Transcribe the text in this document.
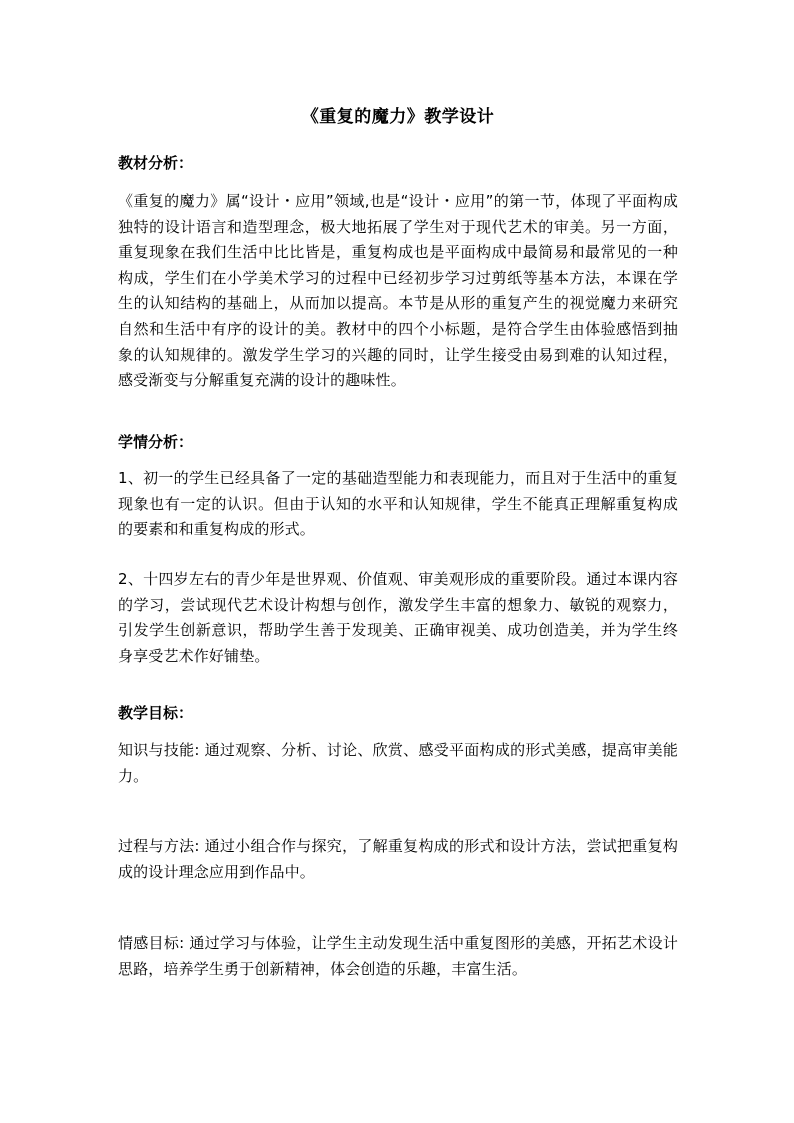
《重复的魔力》教学设计
教材分析：
《重复的魔力》属“设计・应用”领域,也是“设计・应用”的第一节，体现了平面构成独特的设计语言和造型理念，极大地拓展了学生对于现代艺术的审美。另一方面，重复现象在我们生活中比比皆是，重复构成也是平面构成中最简易和最常见的一种构成，学生们在小学美术学习的过程中已经初步学习过剪纸等基本方法，本课在学生的认知结构的基础上，从而加以提高。本节是从形的重复产生的视觉魔力来研究自然和生活中有序的设计的美。教材中的四个小标题，是符合学生由体验感悟到抽象的认知规律的。激发学生学习的兴趣的同时，让学生接受由易到难的认知过程，感受渐变与分解重复充满的设计的趣味性。
学情分析：
1、初一的学生已经具备了一定的基础造型能力和表现能力，而且对于生活中的重复现象也有一定的认识。但由于认知的水平和认知规律，学生不能真正理解重复构成的要素和和重复构成的形式。
2、十四岁左右的青少年是世界观、价值观、审美观形成的重要阶段。通过本课内容的学习，尝试现代艺术设计构想与创作，激发学生丰富的想象力、敏锐的观察力，引发学生创新意识，帮助学生善于发现美、正确审视美、成功创造美，并为学生终身享受艺术作好铺垫。
教学目标：
知识与技能: 通过观察、分析、讨论、欣赏、感受平面构成的形式美感，提高审美能力。
过程与方法: 通过小组合作与探究，了解重复构成的形式和设计方法，尝试把重复构成的设计理念应用到作品中。
情感目标: 通过学习与体验，让学生主动发现生活中重复图形的美感，开拓艺术设计思路，培养学生勇于创新精神，体会创造的乐趣，丰富生活。
